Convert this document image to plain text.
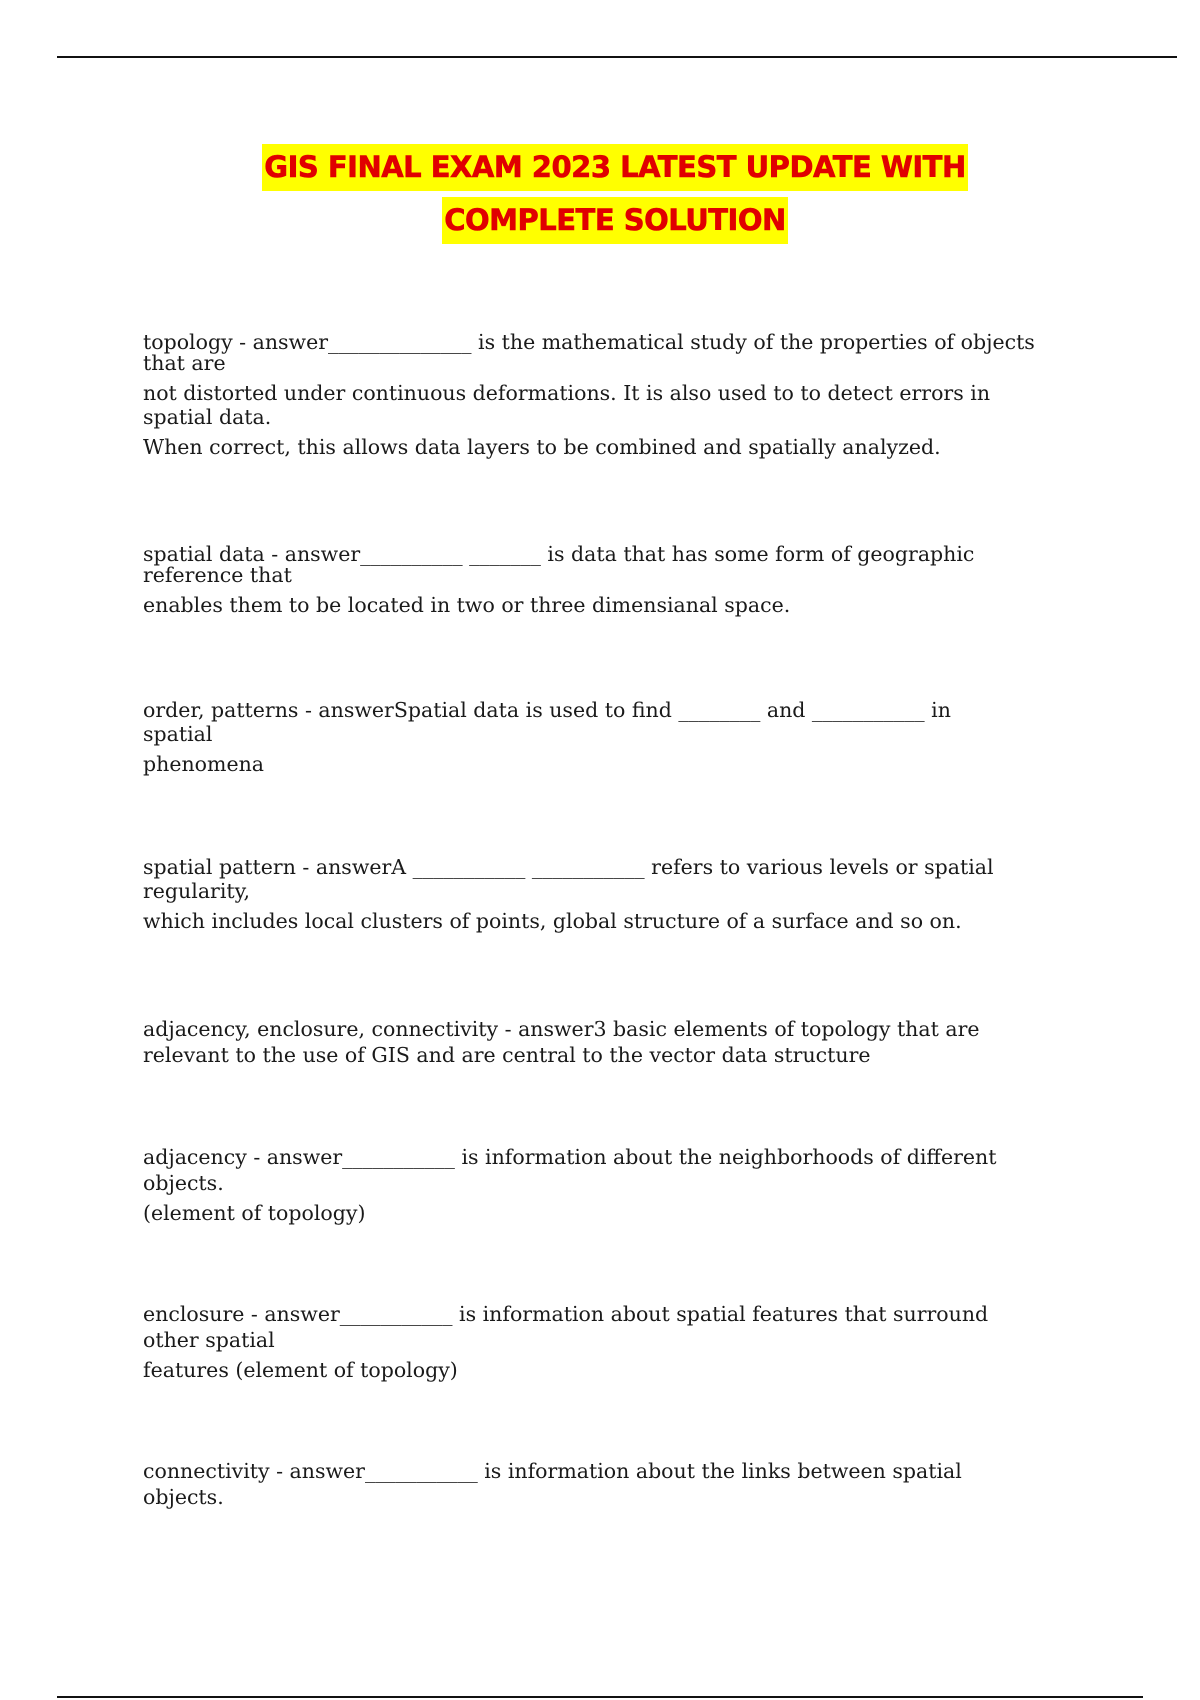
GIS FINAL EXAM 2023 LATEST UPDATE WITH
COMPLETE SOLUTION
topology - answer______________ is the mathematical study of the properties of objects
that are
not distorted under continuous deformations. It is also used to to detect errors in
spatial data.
When correct, this allows data layers to be combined and spatially analyzed.
spatial data - answer__________ _______ is data that has some form of geographic
reference that
enables them to be located in two or three dimensianal space.
order, patterns - answerSpatial data is used to find ________ and ___________ in
spatial
phenomena
spatial pattern - answerA ___________ ___________ refers to various levels or spatial
regularity,
which includes local clusters of points, global structure of a surface and so on.
adjacency, enclosure, connectivity - answer3 basic elements of topology that are
relevant to the use of GIS and are central to the vector data structure
adjacency - answer___________ is information about the neighborhoods of different
objects.
(element of topology)
enclosure - answer___________ is information about spatial features that surround
other spatial
features (element of topology)
connectivity - answer___________ is information about the links between spatial
objects.
